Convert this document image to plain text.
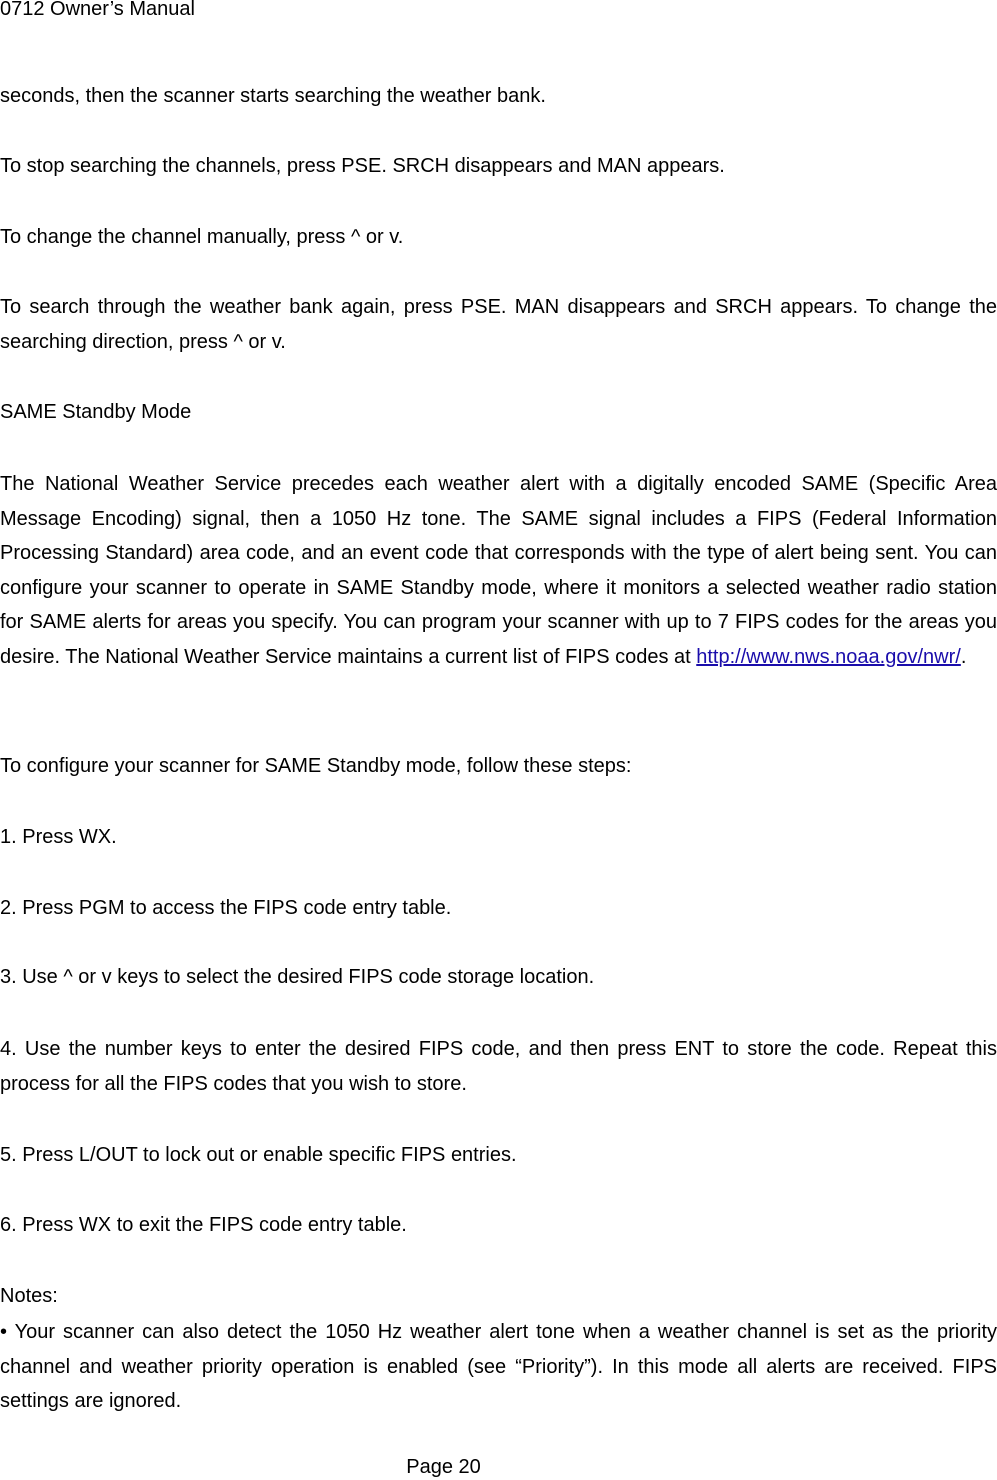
0712 Owner’s Manual

seconds, then the scanner starts searching the weather bank.

To stop searching the channels, press PSE. SRCH disappears and MAN appears.

To change the channel manually, press ^ or v.

To search through the weather bank again, press PSE. MAN disappears and SRCH appears. To change the searching direction, press ^ or v.

SAME Standby Mode

The National Weather Service precedes each weather alert with a digitally encoded SAME (Specific Area Message Encoding) signal, then a 1050 Hz tone. The SAME signal includes a FIPS (Federal Information Processing Standard) area code, and an event code that corresponds with the type of alert being sent. You can configure your scanner to operate in SAME Standby mode, where it monitors a selected weather radio station for SAME alerts for areas you specify. You can program your scanner with up to 7 FIPS codes for the areas you desire. The National Weather Service maintains a current list of FIPS codes at http://www.nws.noaa.gov/nwr/.

To configure your scanner for SAME Standby mode, follow these steps:

1. Press WX.

2. Press PGM to access the FIPS code entry table.

3. Use ^ or v keys to select the desired FIPS code storage location.

4. Use the number keys to enter the desired FIPS code, and then press ENT to store the code. Repeat this process for all the FIPS codes that you wish to store.

5. Press L/OUT to lock out or enable specific FIPS entries.

6. Press WX to exit the FIPS code entry table.

Notes:

• Your scanner can also detect the 1050 Hz weather alert tone when a weather channel is set as the priority channel and weather priority operation is enabled (see “Priority”). In this mode all alerts are received. FIPS settings are ignored.

Page 20
